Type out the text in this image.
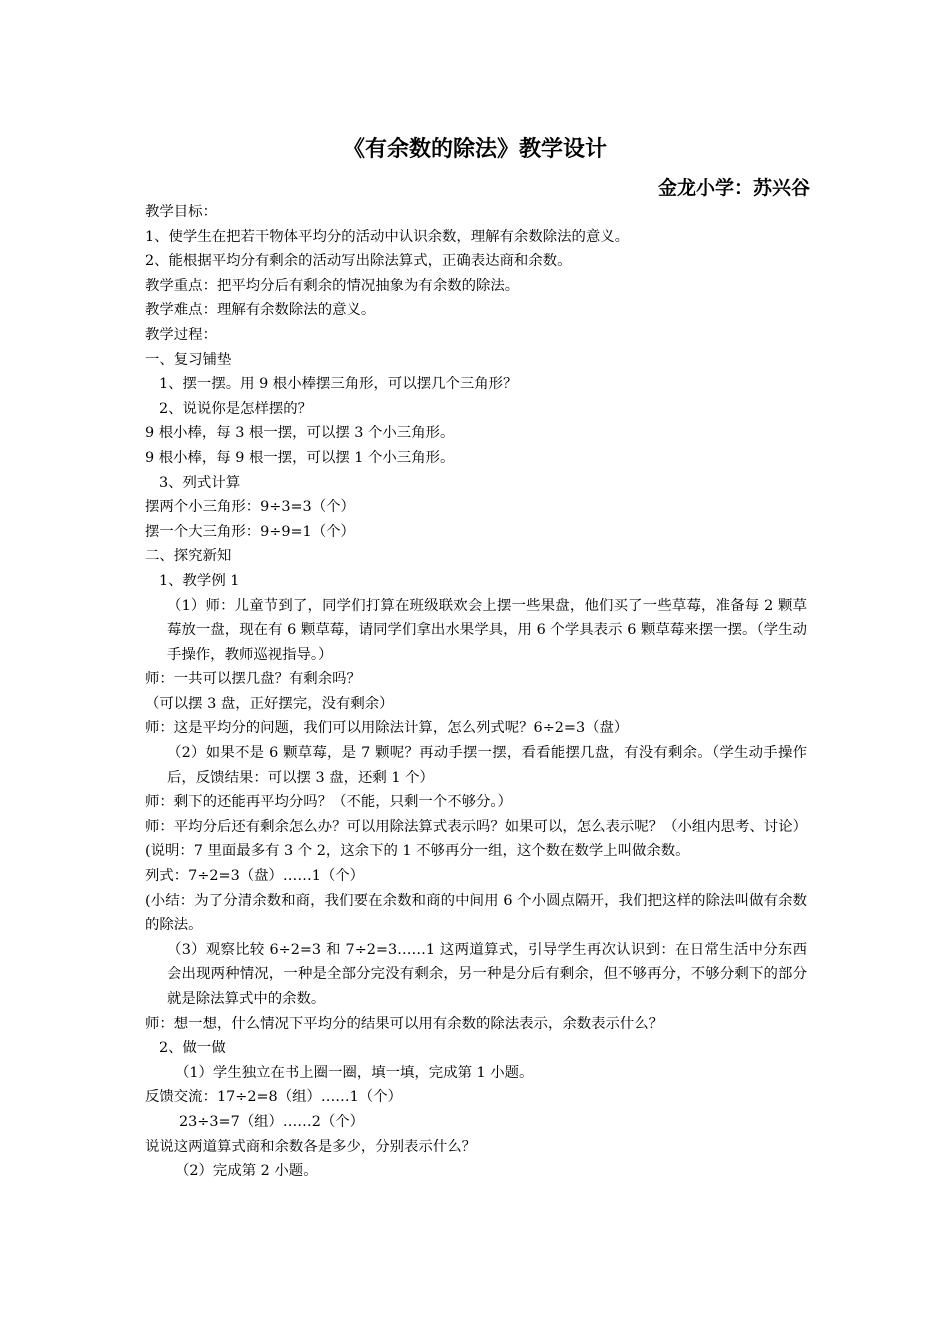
《有余数的除法》教学设计
金龙小学：苏兴谷
教学目标：
1、使学生在把若干物体平均分的活动中认识余数，理解有余数除法的意义。
2、能根据平均分有剩余的活动写出除法算式，正确表达商和余数。
教学重点：把平均分后有剩余的情况抽象为有余数的除法。
教学难点：理解有余数除法的意义。
教学过程：
一、复习铺垫
1、摆一摆。用 9 根小棒摆三角形，可以摆几个三角形？
2、说说你是怎样摆的？
9 根小棒，每 3 根一摆，可以摆 3 个小三角形。
9 根小棒，每 9 根一摆，可以摆 1 个小三角形。
3、列式计算
摆两个小三角形：9÷3=3（个）
摆一个大三角形：9÷9=1（个）
二、探究新知
1、教学例 1
（1）师：儿童节到了，同学们打算在班级联欢会上摆一些果盘，他们买了一些草莓，准备每 2 颗草莓放一盘，现在有 6 颗草莓，请同学们拿出水果学具，用 6 个学具表示 6 颗草莓来摆一摆。（学生动手操作，教师巡视指导。）
师：一共可以摆几盘？有剩余吗？
（可以摆 3 盘，正好摆完，没有剩余）
师：这是平均分的问题，我们可以用除法计算，怎么列式呢？6÷2=3（盘）
（2）如果不是 6 颗草莓，是 7 颗呢？再动手摆一摆，看看能摆几盘，有没有剩余。（学生动手操作后，反馈结果：可以摆 3 盘，还剩 1 个）
师：剩下的还能再平均分吗？（不能，只剩一个不够分。）
师：平均分后还有剩余怎么办？可以用除法算式表示吗？如果可以，怎么表示呢？（小组内思考、讨论）
(说明：7 里面最多有 3 个 2，这余下的 1 不够再分一组，这个数在数学上叫做余数。
列式：7÷2=3（盘）……1（个）
(小结：为了分清余数和商，我们要在余数和商的中间用 6 个小圆点隔开，我们把这样的除法叫做有余数的除法。
（3）观察比较 6÷2=3 和 7÷2=3……1 这两道算式，引导学生再次认识到：在日常生活中分东西会出现两种情况，一种是全部分完没有剩余，另一种是分后有剩余，但不够再分，不够分剩下的部分就是除法算式中的余数。
师：想一想，什么情况下平均分的结果可以用有余数的除法表示，余数表示什么？
2、做一做
（1）学生独立在书上圈一圈，填一填，完成第 1 小题。
反馈交流：17÷2=8（组）……1（个）
23÷3=7（组）……2（个）
说说这两道算式商和余数各是多少，分别表示什么？
（2）完成第 2 小题。
